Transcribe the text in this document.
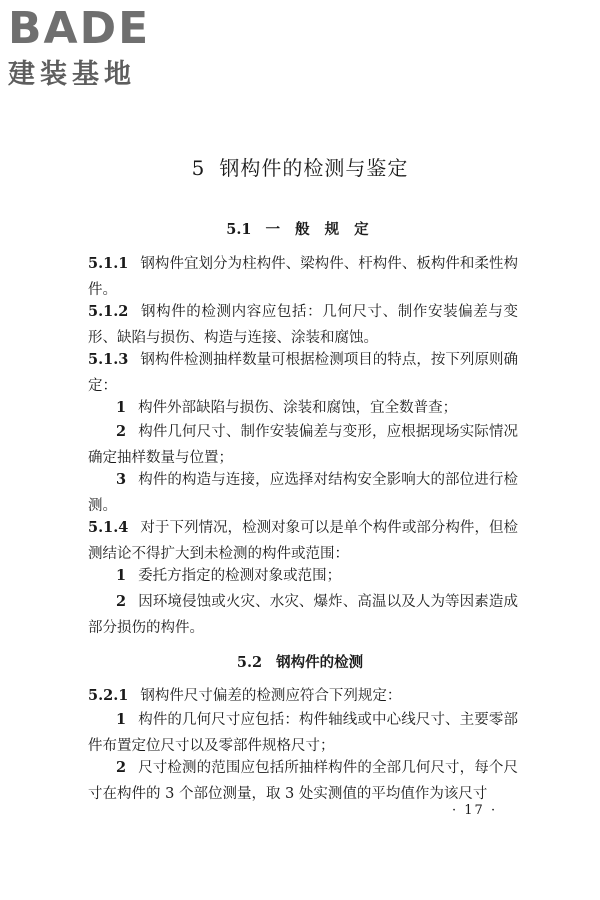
BADE
建装基地
5 钢构件的检测与鉴定
5.1 一 般 规 定
5.1.1 钢构件宜划分为柱构件、梁构件、杆构件、板构件和柔性构件。
5.1.2 钢构件的检测内容应包括：几何尺寸、制作安装偏差与变形、缺陷与损伤、构造与连接、涂装和腐蚀。
5.1.3 钢构件检测抽样数量可根据检测项目的特点，按下列原则确定：
1 构件外部缺陷与损伤、涂装和腐蚀，宜全数普查；
2 构件几何尺寸、制作安装偏差与变形，应根据现场实际情况确定抽样数量与位置；
3 构件的构造与连接，应选择对结构安全影响大的部位进行检测。
5.1.4 对于下列情况，检测对象可以是单个构件或部分构件，但检测结论不得扩大到未检测的构件或范围：
1 委托方指定的检测对象或范围；
2 因环境侵蚀或火灾、水灾、爆炸、高温以及人为等因素造成部分损伤的构件。
5.2 钢构件的检测
5.2.1 钢构件尺寸偏差的检测应符合下列规定：
1 构件的几何尺寸应包括：构件轴线或中心线尺寸、主要零部件布置定位尺寸以及零部件规格尺寸；
2 尺寸检测的范围应包括所抽样构件的全部几何尺寸，每个尺寸在构件的 3 个部位测量，取 3 处实测值的平均值作为该尺寸
· 17 ·
